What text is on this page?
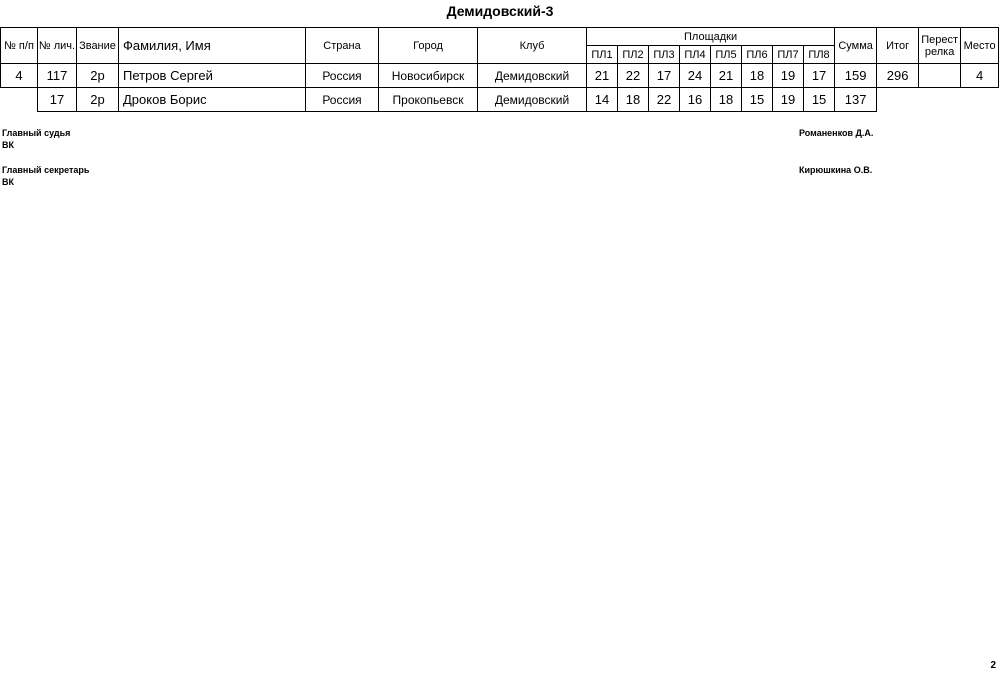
Демидовский-3
№ п/п	№ лич.	Звание	Фамилия, Имя	Страна	Город	Клуб	Площадки								Сумма	Итог	Перест релка	Место
							ПЛ1	ПЛ2	ПЛ3	ПЛ4	ПЛ5	ПЛ6	ПЛ7	ПЛ8				
4	117	2р	Петров Сергей	Россия	Новосибирск	Демидовский	21	22	17	24	21	18	19	17	159	296		4
	17	2р	Дроков Борис	Россия	Прокопьевск	Демидовский	14	18	22	16	18	15	19	15	137			
Главный судья
ВК
Романенков Д.А.
Главный секретарь
ВК
Кирюшкина О.В.
2
